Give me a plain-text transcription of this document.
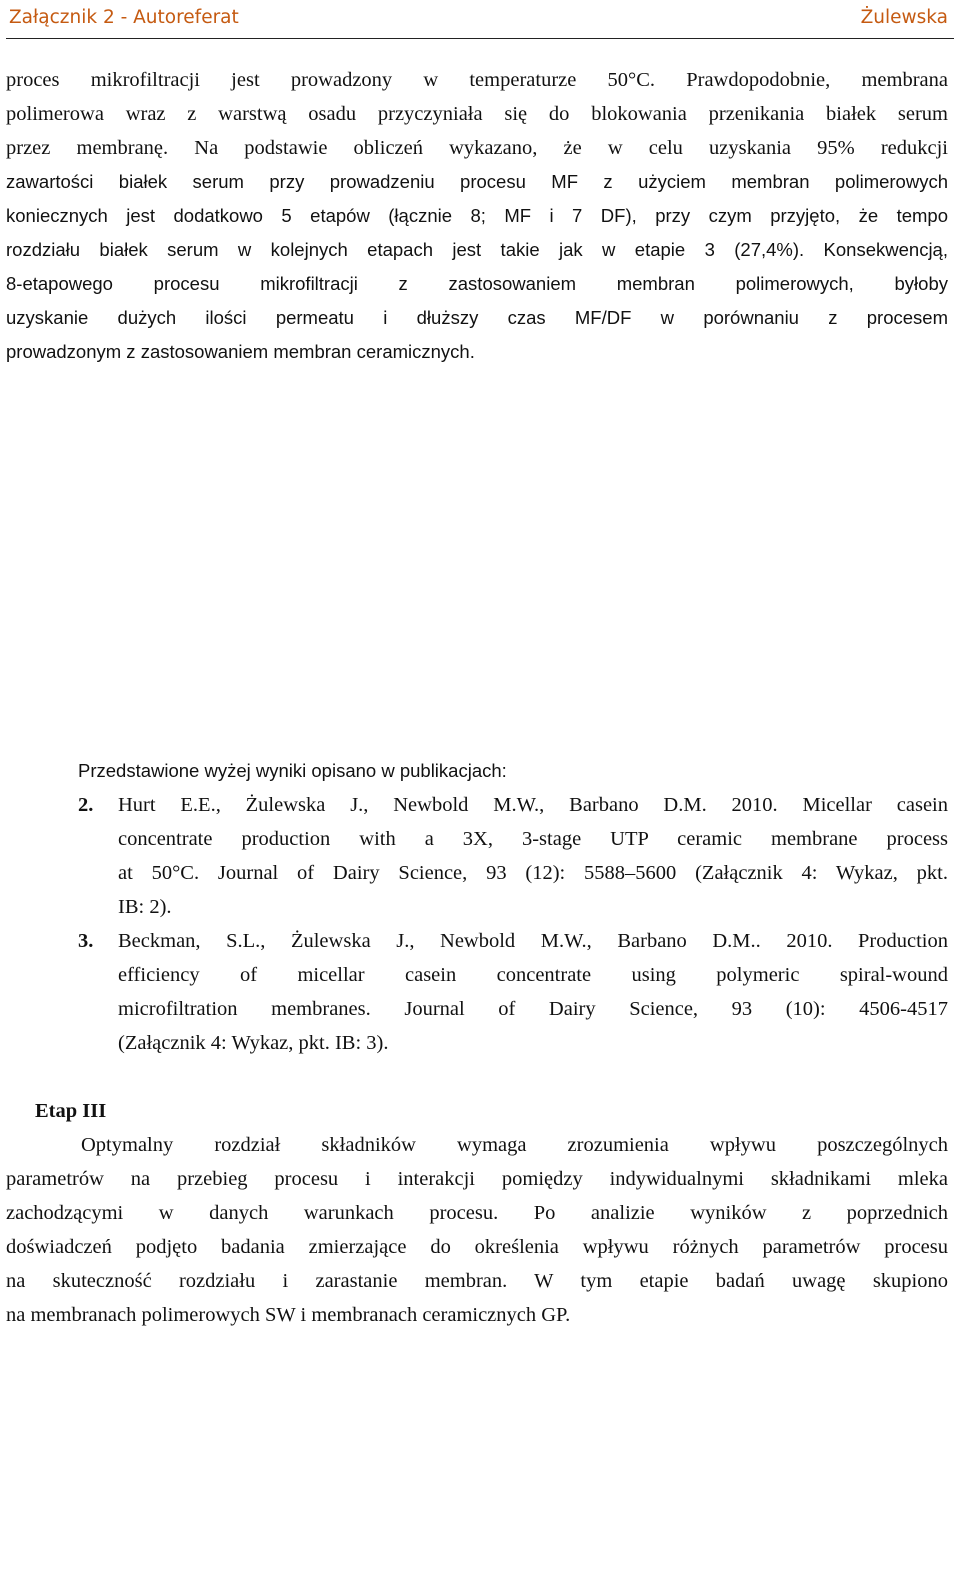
Załącznik 2 - Autoreferat	Żulewska
proces mikrofiltracji jest prowadzony w temperaturze 50°C. Prawdopodobnie, membrana
polimerowa wraz z warstwą osadu przyczyniała się do blokowania przenikania białek serum
przez membranę. Na podstawie obliczeń wykazano, że w celu uzyskania 95% redukcji
zawartości białek serum przy prowadzeniu procesu MF z użyciem membran polimerowych
koniecznych jest dodatkowo 5 etapów (łącznie 8; MF i 7 DF), przy czym przyjęto, że tempo
rozdziału białek serum w kolejnych etapach jest takie jak w etapie 3 (27,4%). Konsekwencją,
8-etapowego procesu mikrofiltracji z zastosowaniem membran polimerowych, byłoby
uzyskanie dużych ilości permeatu i dłuższy czas MF/DF w porównaniu z procesem
prowadzonym z zastosowaniem membran ceramicznych.
Przedstawione wyżej wyniki opisano w publikacjach:
2. Hurt E.E., Żulewska J., Newbold M.W., Barbano D.M. 2010. Micellar casein
concentrate production with a 3X, 3-stage UTP ceramic membrane process
at 50°C. Journal of Dairy Science, 93 (12): 5588–5600 (Załącznik 4: Wykaz, pkt.
IB: 2).
3. Beckman, S.L., Żulewska J., Newbold M.W., Barbano D.M.. 2010. Production
efficiency of micellar casein concentrate using polymeric spiral-wound
microfiltration membranes. Journal of Dairy Science, 93 (10): 4506-4517
(Załącznik 4: Wykaz, pkt. IB: 3).
Etap III
Optymalny rozdział składników wymaga zrozumienia wpływu poszczególnych
parametrów na przebieg procesu i interakcji pomiędzy indywidualnymi składnikami mleka
zachodzącymi w danych warunkach procesu. Po analizie wyników z poprzednich
doświadczeń podjęto badania zmierzające do określenia wpływu różnych parametrów procesu
na skuteczność rozdziału i zarastanie membran. W tym etapie badań uwagę skupiono
na membranach polimerowych SW i membranach ceramicznych GP.
